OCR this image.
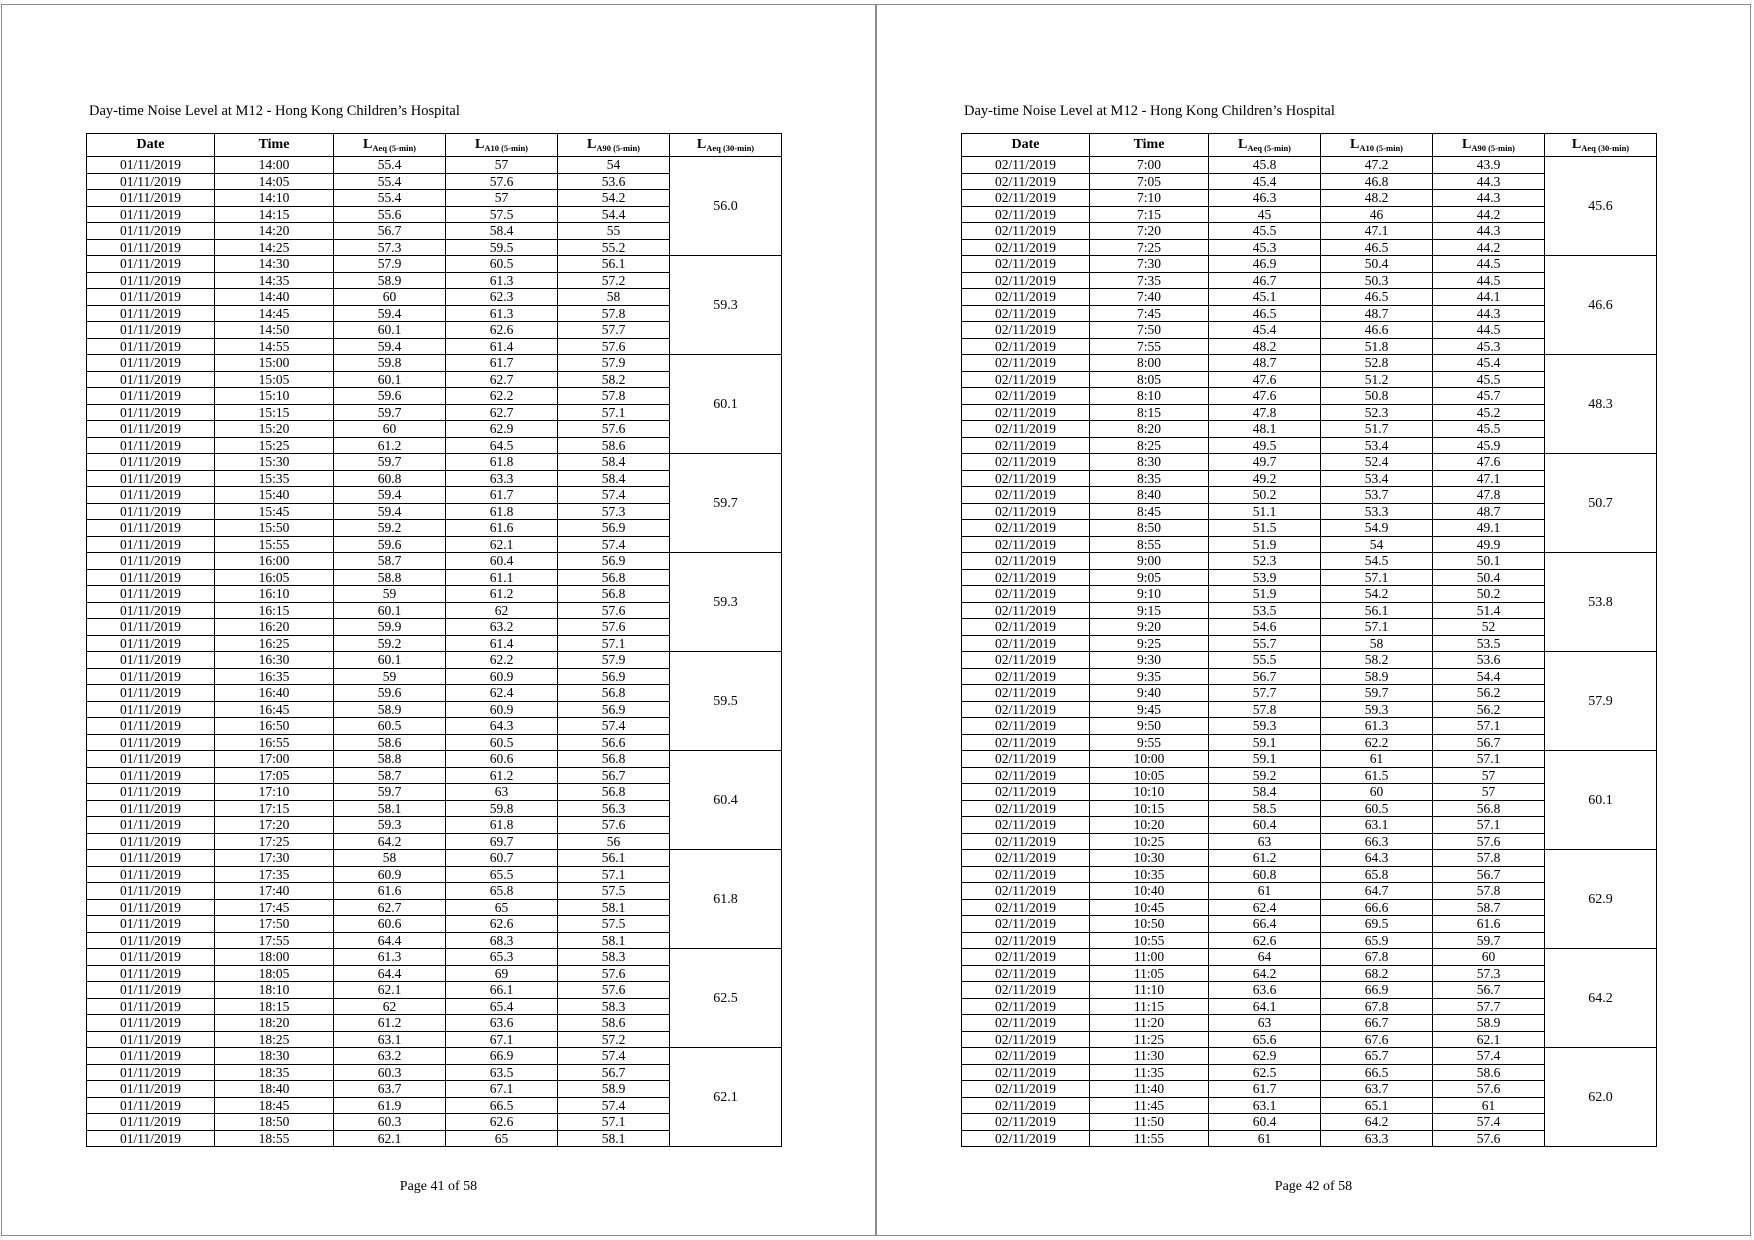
Day-time Noise Level at M12 - Hong Kong Children’s Hospital
Date	Time	$L_{Aeq (5-min)}$	$L_{A10 (5-min)}$	$L_{A90 (5-min)}$	$L_{Aeq (30-min)}$
01/11/2019	14:00	55.4	57	54	56.0
01/11/2019	14:05	55.4	57.6	53.6	
01/11/2019	14:10	55.4	57	54.2	
01/11/2019	14:15	55.6	57.5	54.4	
01/11/2019	14:20	56.7	58.4	55	
01/11/2019	14:25	57.3	59.5	55.2	
01/11/2019	14:30	57.9	60.5	56.1	59.3
01/11/2019	14:35	58.9	61.3	57.2	
01/11/2019	14:40	60	62.3	58	
01/11/2019	14:45	59.4	61.3	57.8	
01/11/2019	14:50	60.1	62.6	57.7	
01/11/2019	14:55	59.4	61.4	57.6	
01/11/2019	15:00	59.8	61.7	57.9	60.1
01/11/2019	15:05	60.1	62.7	58.2	
01/11/2019	15:10	59.6	62.2	57.8	
01/11/2019	15:15	59.7	62.7	57.1	
01/11/2019	15:20	60	62.9	57.6	
01/11/2019	15:25	61.2	64.5	58.6	
01/11/2019	15:30	59.7	61.8	58.4	59.7
01/11/2019	15:35	60.8	63.3	58.4	
01/11/2019	15:40	59.4	61.7	57.4	
01/11/2019	15:45	59.4	61.8	57.3	
01/11/2019	15:50	59.2	61.6	56.9	
01/11/2019	15:55	59.6	62.1	57.4	
01/11/2019	16:00	58.7	60.4	56.9	59.3
01/11/2019	16:05	58.8	61.1	56.8	
01/11/2019	16:10	59	61.2	56.8	
01/11/2019	16:15	60.1	62	57.6	
01/11/2019	16:20	59.9	63.2	57.6	
01/11/2019	16:25	59.2	61.4	57.1	
01/11/2019	16:30	60.1	62.2	57.9	59.5
01/11/2019	16:35	59	60.9	56.9	
01/11/2019	16:40	59.6	62.4	56.8	
01/11/2019	16:45	58.9	60.9	56.9	
01/11/2019	16:50	60.5	64.3	57.4	
01/11/2019	16:55	58.6	60.5	56.6	
01/11/2019	17:00	58.8	60.6	56.8	60.4
01/11/2019	17:05	58.7	61.2	56.7	
01/11/2019	17:10	59.7	63	56.8	
01/11/2019	17:15	58.1	59.8	56.3	
01/11/2019	17:20	59.3	61.8	57.6	
01/11/2019	17:25	64.2	69.7	56	
01/11/2019	17:30	58	60.7	56.1	61.8
01/11/2019	17:35	60.9	65.5	57.1	
01/11/2019	17:40	61.6	65.8	57.5	
01/11/2019	17:45	62.7	65	58.1	
01/11/2019	17:50	60.6	62.6	57.5	
01/11/2019	17:55	64.4	68.3	58.1	
01/11/2019	18:00	61.3	65.3	58.3	62.5
01/11/2019	18:05	64.4	69	57.6	
01/11/2019	18:10	62.1	66.1	57.6	
01/11/2019	18:15	62	65.4	58.3	
01/11/2019	18:20	61.2	63.6	58.6	
01/11/2019	18:25	63.1	67.1	57.2	
01/11/2019	18:30	63.2	66.9	57.4	62.1
01/11/2019	18:35	60.3	63.5	56.7	
01/11/2019	18:40	63.7	67.1	58.9	
01/11/2019	18:45	61.9	66.5	57.4	
01/11/2019	18:50	60.3	62.6	57.1	
01/11/2019	18:55	62.1	65	58.1	
Page 41 of 58
Day-time Noise Level at M12 - Hong Kong Children’s Hospital
Date	Time	$L_{Aeq (5-min)}$	$L_{A10 (5-min)}$	$L_{A90 (5-min)}$	$L_{Aeq (30-min)}$
02/11/2019	7:00	45.8	47.2	43.9	45.6
02/11/2019	7:05	45.4	46.8	44.3	
02/11/2019	7:10	46.3	48.2	44.3	
02/11/2019	7:15	45	46	44.2	
02/11/2019	7:20	45.5	47.1	44.3	
02/11/2019	7:25	45.3	46.5	44.2	
02/11/2019	7:30	46.9	50.4	44.5	46.6
02/11/2019	7:35	46.7	50.3	44.5	
02/11/2019	7:40	45.1	46.5	44.1	
02/11/2019	7:45	46.5	48.7	44.3	
02/11/2019	7:50	45.4	46.6	44.5	
02/11/2019	7:55	48.2	51.8	45.3	
02/11/2019	8:00	48.7	52.8	45.4	48.3
02/11/2019	8:05	47.6	51.2	45.5	
02/11/2019	8:10	47.6	50.8	45.7	
02/11/2019	8:15	47.8	52.3	45.2	
02/11/2019	8:20	48.1	51.7	45.5	
02/11/2019	8:25	49.5	53.4	45.9	
02/11/2019	8:30	49.7	52.4	47.6	50.7
02/11/2019	8:35	49.2	53.4	47.1	
02/11/2019	8:40	50.2	53.7	47.8	
02/11/2019	8:45	51.1	53.3	48.7	
02/11/2019	8:50	51.5	54.9	49.1	
02/11/2019	8:55	51.9	54	49.9	
02/11/2019	9:00	52.3	54.5	50.1	53.8
02/11/2019	9:05	53.9	57.1	50.4	
02/11/2019	9:10	51.9	54.2	50.2	
02/11/2019	9:15	53.5	56.1	51.4	
02/11/2019	9:20	54.6	57.1	52	
02/11/2019	9:25	55.7	58	53.5	
02/11/2019	9:30	55.5	58.2	53.6	57.9
02/11/2019	9:35	56.7	58.9	54.4	
02/11/2019	9:40	57.7	59.7	56.2	
02/11/2019	9:45	57.8	59.3	56.2	
02/11/2019	9:50	59.3	61.3	57.1	
02/11/2019	9:55	59.1	62.2	56.7	
02/11/2019	10:00	59.1	61	57.1	60.1
02/11/2019	10:05	59.2	61.5	57	
02/11/2019	10:10	58.4	60	57	
02/11/2019	10:15	58.5	60.5	56.8	
02/11/2019	10:20	60.4	63.1	57.1	
02/11/2019	10:25	63	66.3	57.6	
02/11/2019	10:30	61.2	64.3	57.8	62.9
02/11/2019	10:35	60.8	65.8	56.7	
02/11/2019	10:40	61	64.7	57.8	
02/11/2019	10:45	62.4	66.6	58.7	
02/11/2019	10:50	66.4	69.5	61.6	
02/11/2019	10:55	62.6	65.9	59.7	
02/11/2019	11:00	64	67.8	60	64.2
02/11/2019	11:05	64.2	68.2	57.3	
02/11/2019	11:10	63.6	66.9	56.7	
02/11/2019	11:15	64.1	67.8	57.7	
02/11/2019	11:20	63	66.7	58.9	
02/11/2019	11:25	65.6	67.6	62.1	
02/11/2019	11:30	62.9	65.7	57.4	62.0
02/11/2019	11:35	62.5	66.5	58.6	
02/11/2019	11:40	61.7	63.7	57.6	
02/11/2019	11:45	63.1	65.1	61	
02/11/2019	11:50	60.4	64.2	57.4	
02/11/2019	11:55	61	63.3	57.6	
Page 42 of 58
